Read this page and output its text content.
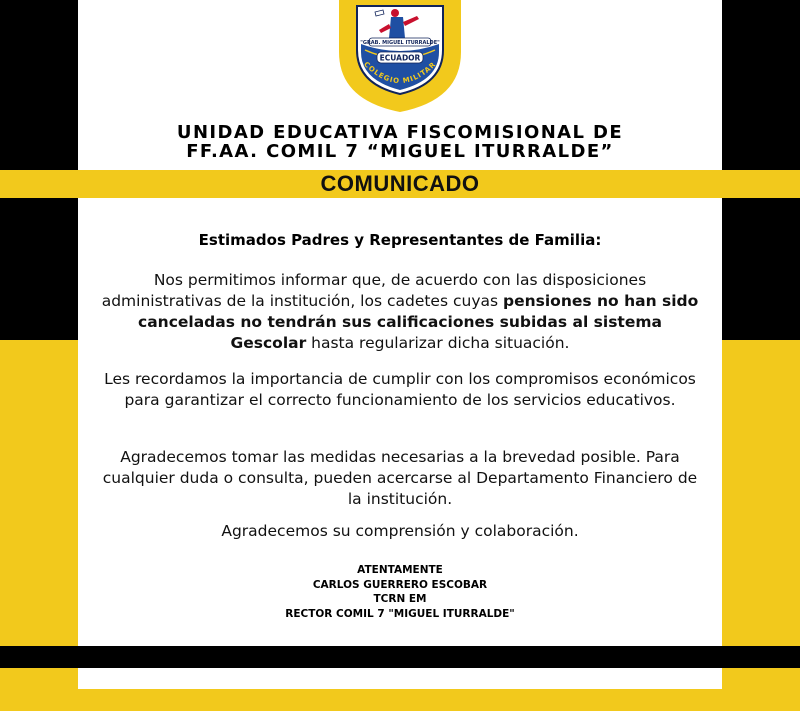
"GRAB. MIGUEL ITURRALDE"
ECUADOR
COLEGIO MILITAR
UNIDAD EDUCATIVA FISCOMISIONAL DE
FF.AA. COMIL 7 “MIGUEL ITURRALDE”
COMUNICADO
Estimados Padres y Representantes de Familia:
Nos permitimos informar que, de acuerdo con las disposiciones administrativas de la institución, los cadetes cuyas pensiones no han sido canceladas no tendrán sus calificaciones subidas al sistema Gescolar hasta regularizar dicha situación.
Les recordamos la importancia de cumplir con los compromisos económicos para garantizar el correcto funcionamiento de los servicios educativos.
Agradecemos tomar las medidas necesarias a la brevedad posible. Para cualquier duda o consulta, pueden acercarse al Departamento Financiero de la institución.
Agradecemos su comprensión y colaboración.
ATENTAMENTE
CARLOS GUERRERO ESCOBAR
TCRN EM
RECTOR COMIL 7 "MIGUEL ITURRALDE"
